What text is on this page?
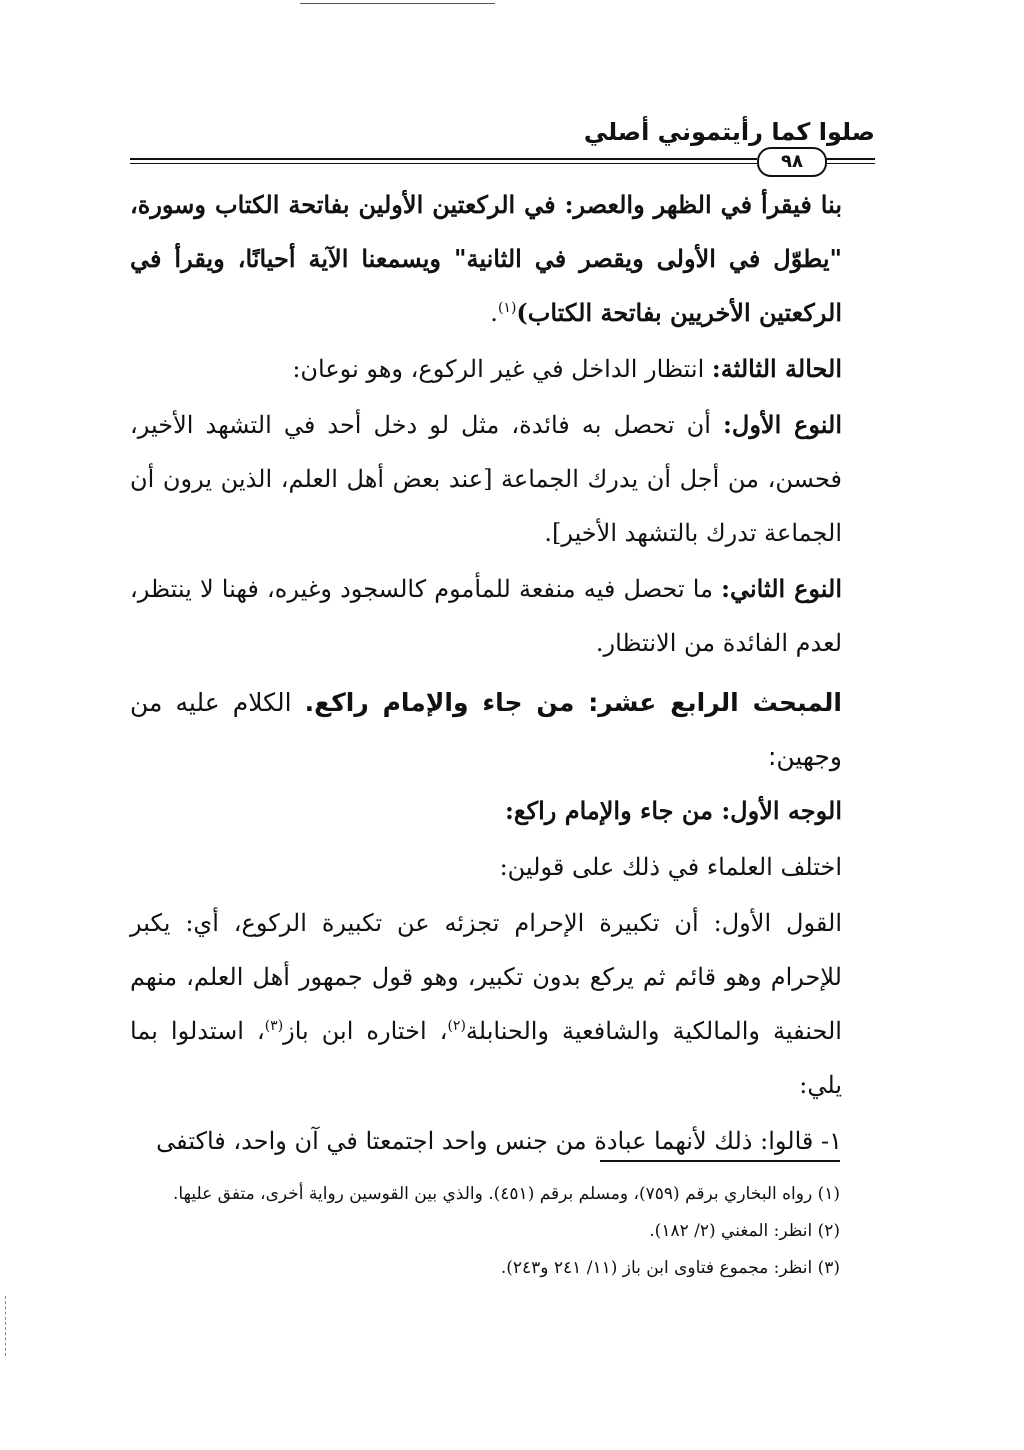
صلوا كما رأيتموني أصلي
٩٨

بنا فيقرأ في الظهر والعصر: في الركعتين الأولين بفاتحة الكتاب وسورة، "يطوّل في الأولى ويقصر في الثانية" ويسمعنا الآية أحيانًا، ويقرأ في الركعتين الأخريين بفاتحة الكتاب)$^{(١)}$.

الحالة الثالثة: انتظار الداخل في غير الركوع، وهو نوعان:

النوع الأول: أن تحصل به فائدة، مثل لو دخل أحد في التشهد الأخير، فحسن، من أجل أن يدرك الجماعة [عند بعض أهل العلم، الذين يرون أن الجماعة تدرك بالتشهد الأخير].

النوع الثاني: ما تحصل فيه منفعة للمأموم كالسجود وغيره، فهنا لا ينتظر، لعدم الفائدة من الانتظار.

المبحث الرابع عشر: من جاء والإمام راكع. الكلام عليه من وجهين:

الوجه الأول: من جاء والإمام راكع:

اختلف العلماء في ذلك على قولين:

القول الأول: أن تكبيرة الإحرام تجزئه عن تكبيرة الركوع، أي: يكبر للإحرام وهو قائم ثم يركع بدون تكبير، وهو قول جمهور أهل العلم، منهم الحنفية والمالكية والشافعية والحنابلة$^{(٢)}$، اختاره ابن باز$^{(٣)}$، استدلوا بما يلي:

١- قالوا: ذلك لأنهما عبادة من جنس واحد اجتمعتا في آن واحد، فاكتفى

(١) رواه البخاري برقم (٧٥٩)، ومسلم برقم (٤٥١). والذي بين القوسين رواية أخرى، متفق عليها.
(٢) انظر: المغني (٢/ ١٨٢).
(٣) انظر: مجموع فتاوى ابن باز (١١/ ٢٤١ و٢٤٣).
